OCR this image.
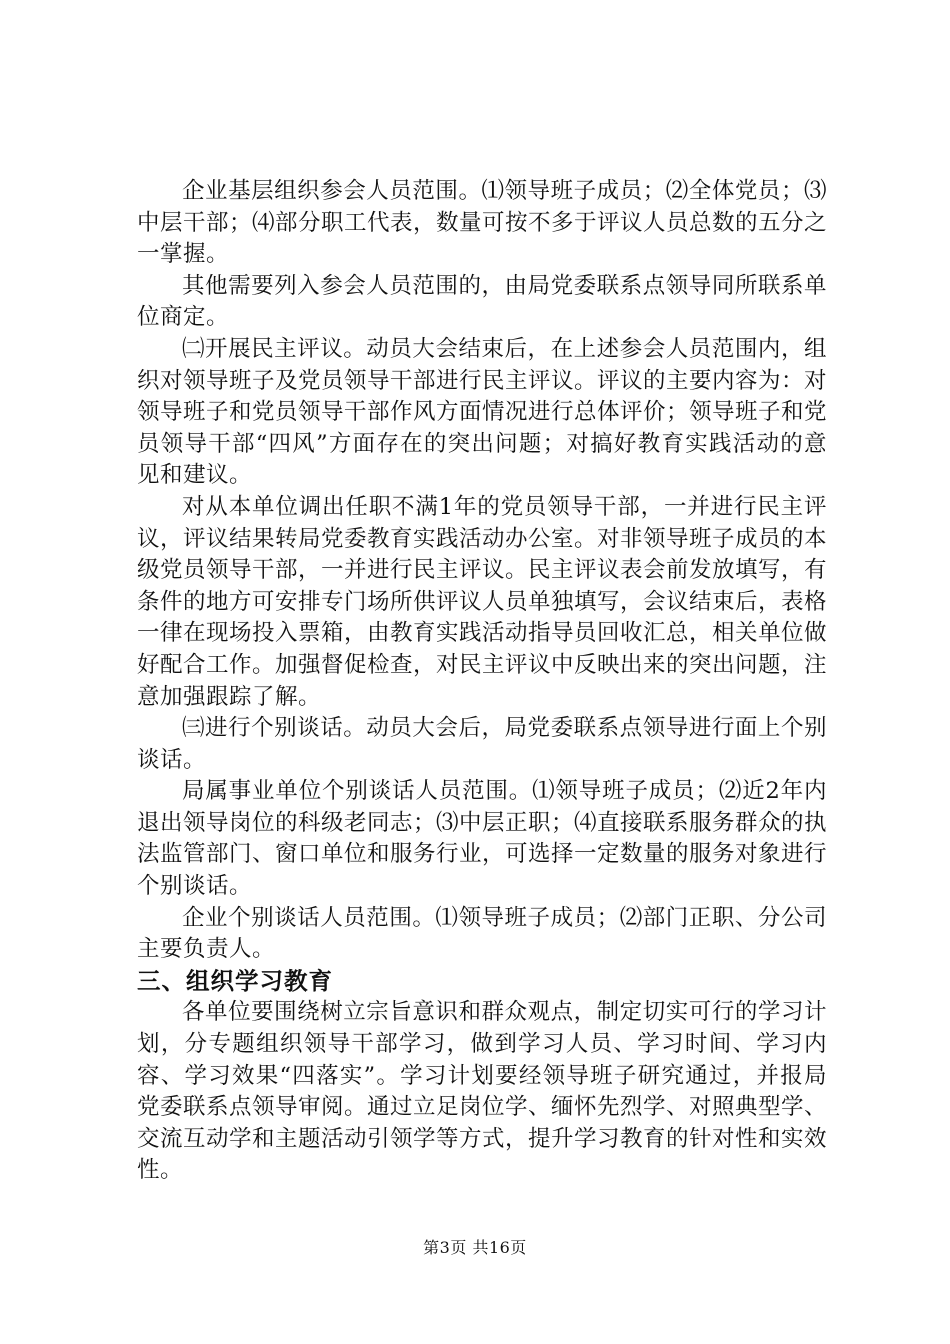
企业基层组织参会人员范围。⑴领导班子成员；⑵全体党员；⑶中层干部；⑷部分职工代表，数量可按不多于评议人员总数的五分之一掌握。

其他需要列入参会人员范围的，由局党委联系点领导同所联系单位商定。

㈡开展民主评议。动员大会结束后，在上述参会人员范围内，组织对领导班子及党员领导干部进行民主评议。评议的主要内容为：对领导班子和党员领导干部作风方面情况进行总体评价；领导班子和党员领导干部“四风”方面存在的突出问题；对搞好教育实践活动的意见和建议。

对从本单位调出任职不满1年的党员领导干部，一并进行民主评议，评议结果转局党委教育实践活动办公室。对非领导班子成员的本级党员领导干部，一并进行民主评议。民主评议表会前发放填写，有条件的地方可安排专门场所供评议人员单独填写，会议结束后，表格一律在现场投入票箱，由教育实践活动指导员回收汇总，相关单位做好配合工作。加强督促检查，对民主评议中反映出来的突出问题，注意加强跟踪了解。

㈢进行个别谈话。动员大会后，局党委联系点领导进行面上个别谈话。

局属事业单位个别谈话人员范围。⑴领导班子成员；⑵近2年内退出领导岗位的科级老同志；⑶中层正职；⑷直接联系服务群众的执法监管部门、窗口单位和服务行业，可选择一定数量的服务对象进行个别谈话。

企业个别谈话人员范围。⑴领导班子成员；⑵部门正职、分公司主要负责人。

三、组织学习教育

各单位要围绕树立宗旨意识和群众观点，制定切实可行的学习计划，分专题组织领导干部学习，做到学习人员、学习时间、学习内容、学习效果“四落实”。学习计划要经领导班子研究通过，并报局党委联系点领导审阅。通过立足岗位学、缅怀先烈学、对照典型学、交流互动学和主题活动引领学等方式，提升学习教育的针对性和实效性。

第3页 共16页
